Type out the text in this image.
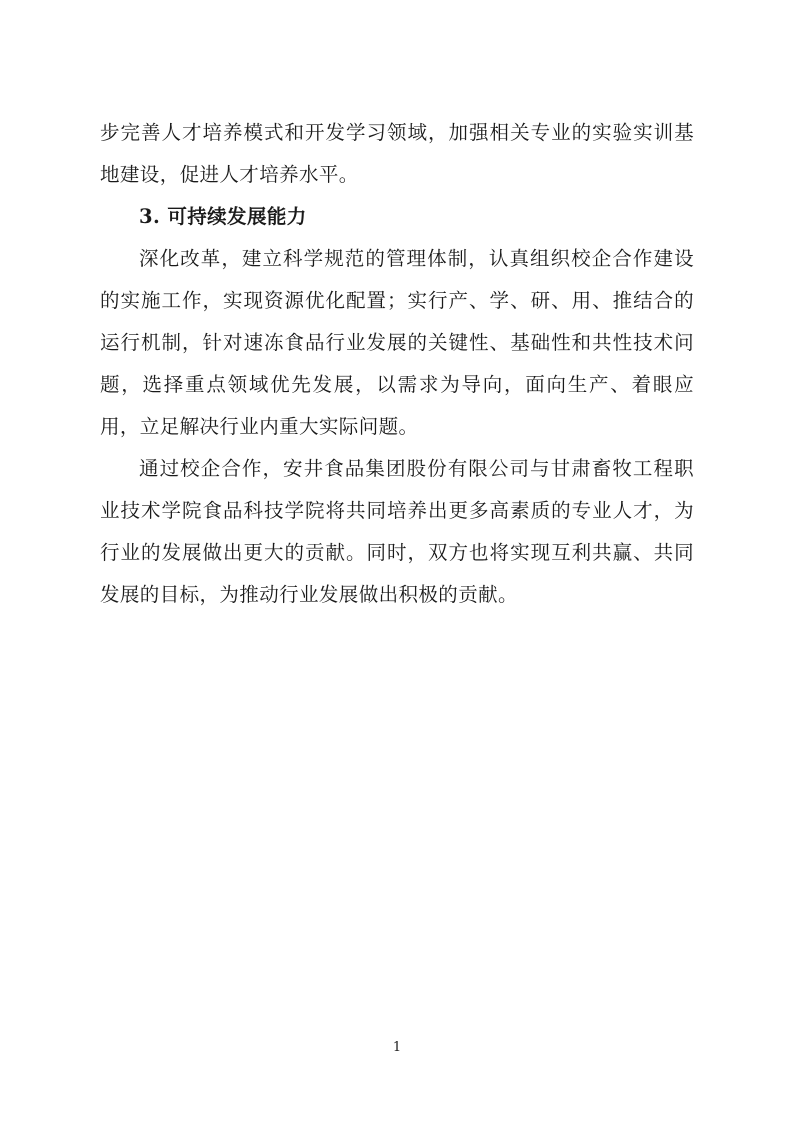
步完善人才培养模式和开发学习领域，加强相关专业的实验实训基地建设，促进人才培养水平。

3. 可持续发展能力

深化改革，建立科学规范的管理体制，认真组织校企合作建设的实施工作，实现资源优化配置；实行产、学、研、用、推结合的运行机制，针对速冻食品行业发展的关键性、基础性和共性技术问题，选择重点领域优先发展，以需求为导向，面向生产、着眼应用，立足解决行业内重大实际问题。

通过校企合作，安井食品集团股份有限公司与甘肃畜牧工程职业技术学院食品科技学院将共同培养出更多高素质的专业人才，为行业的发展做出更大的贡献。同时，双方也将实现互利共赢、共同发展的目标，为推动行业发展做出积极的贡献。

1
